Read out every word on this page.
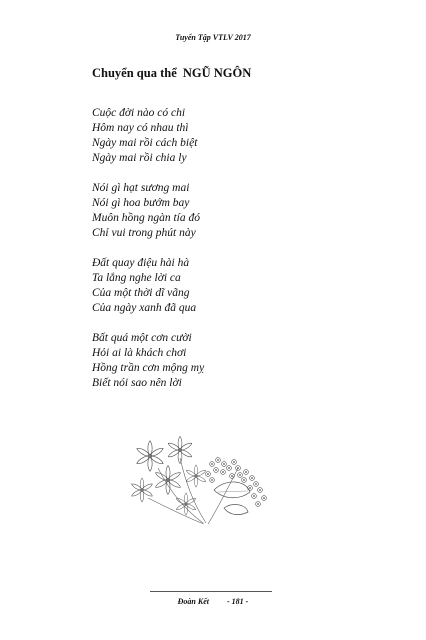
Tuyển Tập VTLV 2017
Chuyển qua thể NGŨ NGÔN
Cuộc đời nào có chi
Hôm nay có nhau thì
Ngày mai rồi cách biệt
Ngày mai rồi chia ly
Nói gì hạt sương mai
Nói gì hoa bướm bay
Muôn hồng ngàn tía đó
Chỉ vui trong phút này
Đất quay điệu hài hà
Ta lắng nghe lời ca
Của một thời dĩ vãng
Của ngày xanh đã qua
Bất quá một cơn cười
Hỏi ai là khách chơi
Hồng trần cơn mộng mỵ
Biết nói sao nên lời
Đoàn Kết - 181 -
